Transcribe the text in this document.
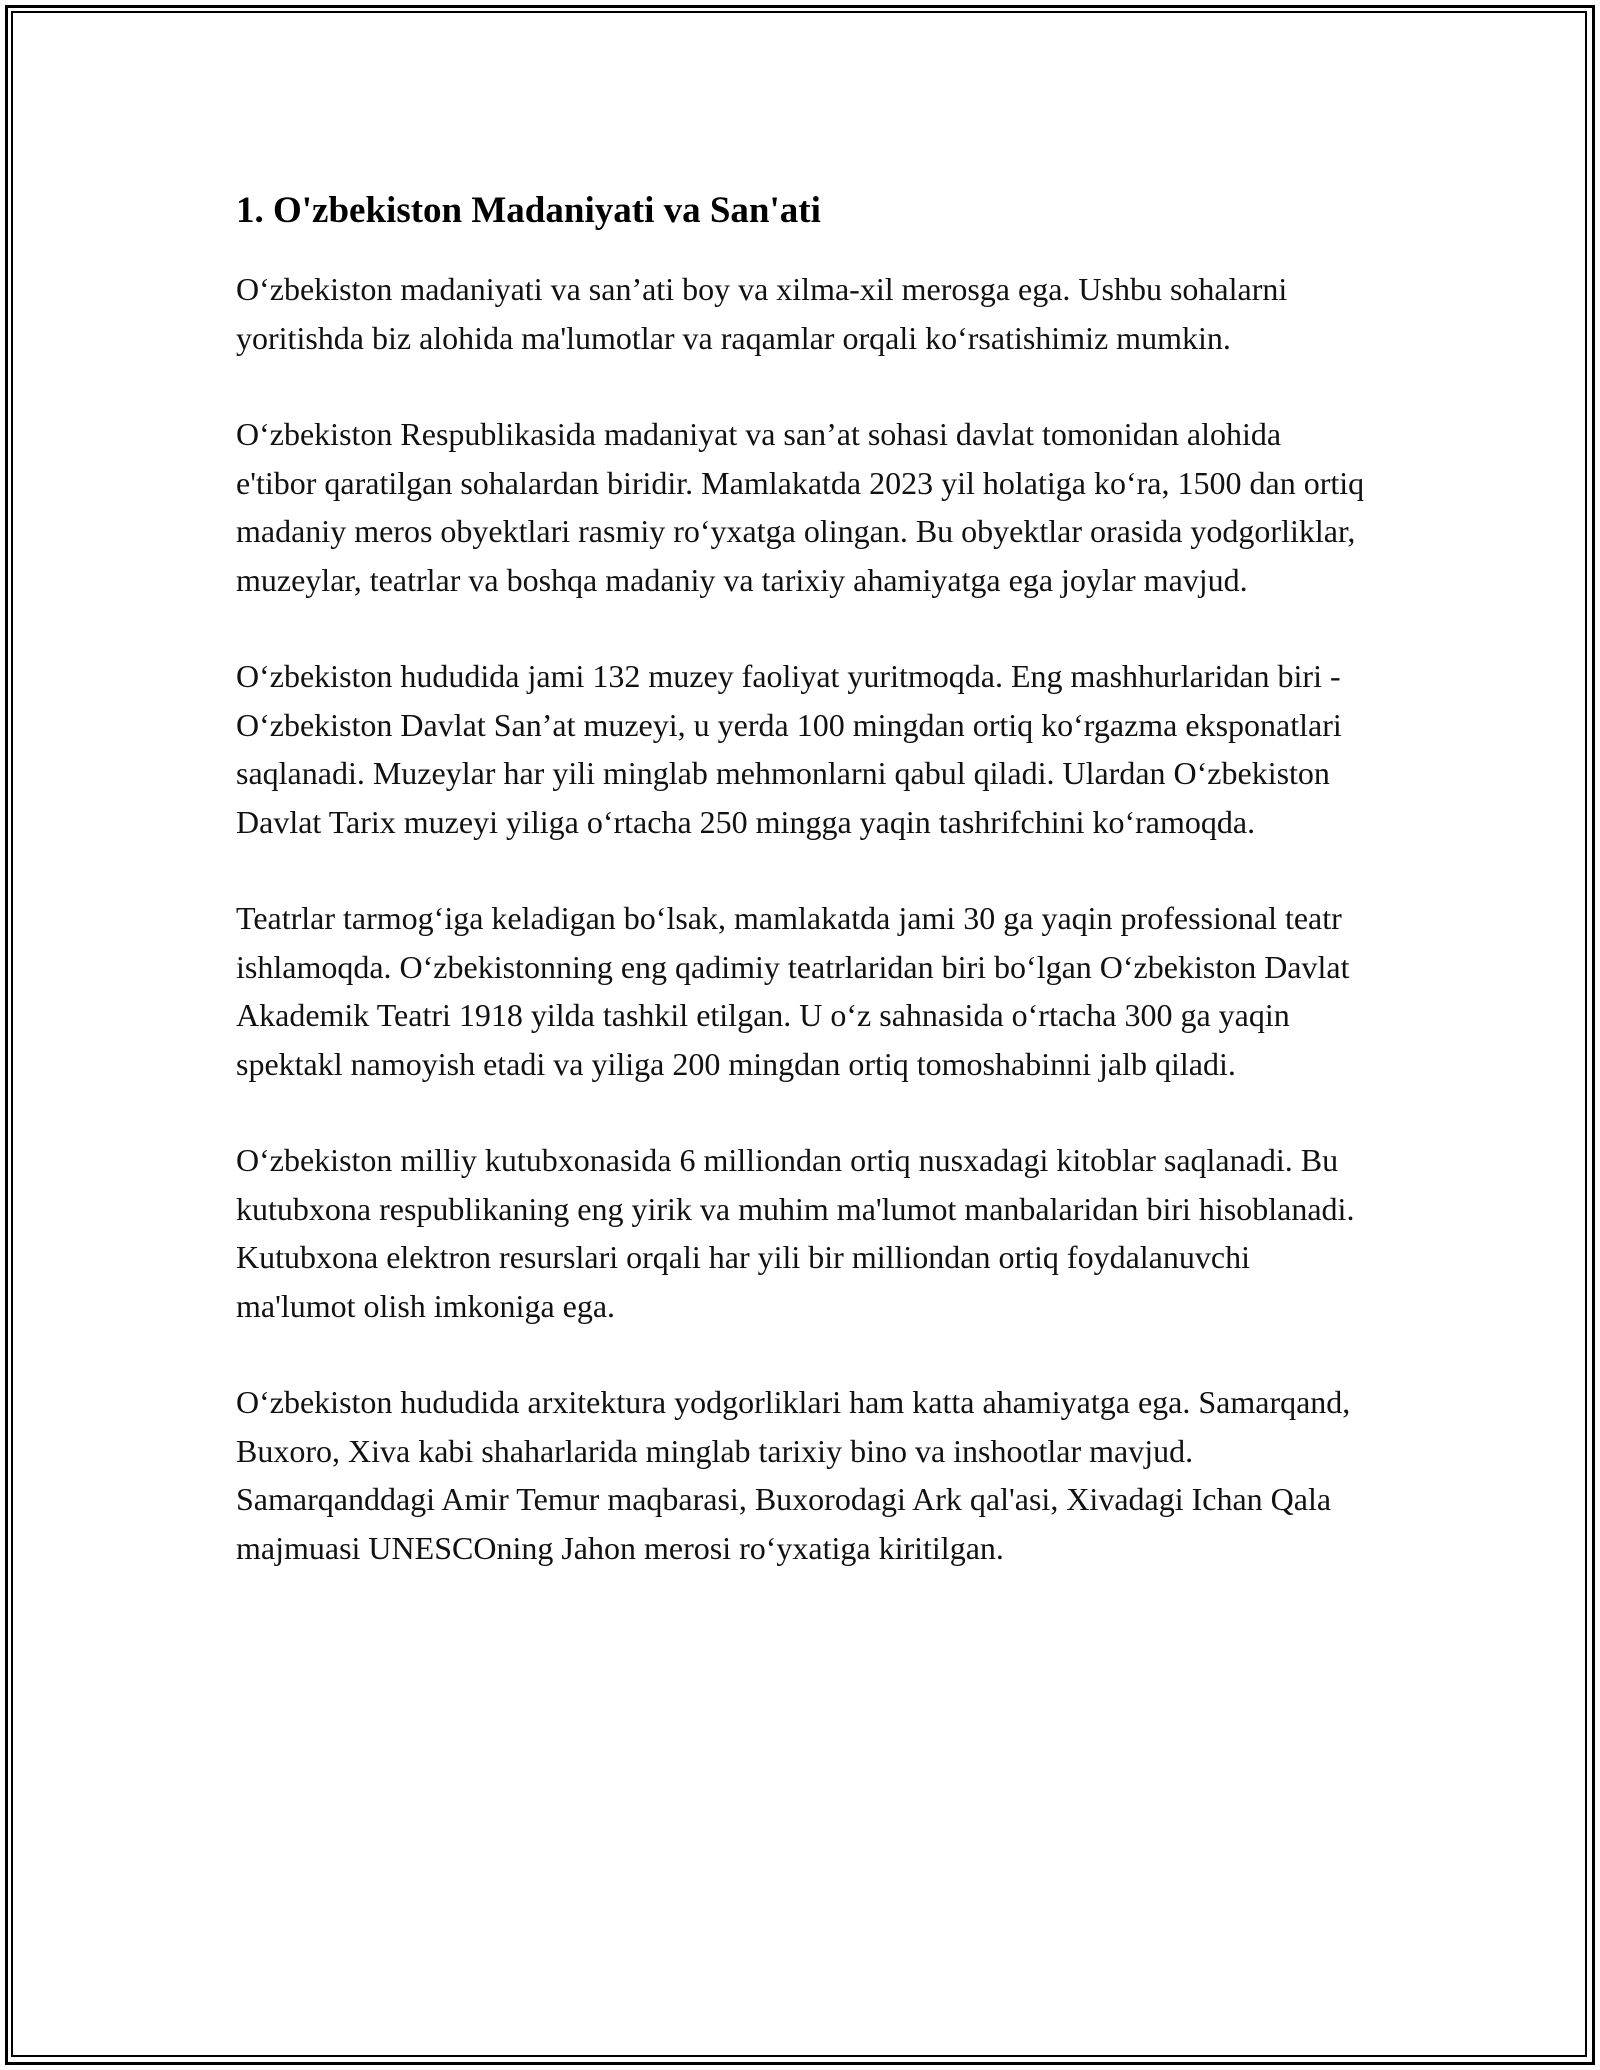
1. O'zbekiston Madaniyati va San'ati

O‘zbekiston madaniyati va san’ati boy va xilma-xil merosga ega. Ushbu sohalarni yoritishda biz alohida ma'lumotlar va raqamlar orqali ko‘rsatishimiz mumkin.

O‘zbekiston Respublikasida madaniyat va san’at sohasi davlat tomonidan alohida e'tibor qaratilgan sohalardan biridir. Mamlakatda 2023 yil holatiga ko‘ra, 1500 dan ortiq madaniy meros obyektlari rasmiy ro‘yxatga olingan. Bu obyektlar orasida yodgorliklar, muzeylar, teatrlar va boshqa madaniy va tarixiy ahamiyatga ega joylar mavjud.

O‘zbekiston hududida jami 132 muzey faoliyat yuritmoqda. Eng mashhurlaridan biri - O‘zbekiston Davlat San’at muzeyi, u yerda 100 mingdan ortiq ko‘rgazma eksponatlari saqlanadi. Muzeylar har yili minglab mehmonlarni qabul qiladi. Ulardan O‘zbekiston Davlat Tarix muzeyi yiliga o‘rtacha 250 mingga yaqin tashrifchini ko‘ramoqda.

Teatrlar tarmog‘iga keladigan bo‘lsak, mamlakatda jami 30 ga yaqin professional teatr ishlamoqda. O‘zbekistonning eng qadimiy teatrlaridan biri bo‘lgan O‘zbekiston Davlat Akademik Teatri 1918 yilda tashkil etilgan. U o‘z sahnasida o‘rtacha 300 ga yaqin spektakl namoyish etadi va yiliga 200 mingdan ortiq tomoshabinni jalb qiladi.

O‘zbekiston milliy kutubxonasida 6 milliondan ortiq nusxadagi kitoblar saqlanadi. Bu kutubxona respublikaning eng yirik va muhim ma'lumot manbalaridan biri hisoblanadi. Kutubxona elektron resurslari orqali har yili bir milliondan ortiq foydalanuvchi ma'lumot olish imkoniga ega.

O‘zbekiston hududida arxitektura yodgorliklari ham katta ahamiyatga ega. Samarqand, Buxoro, Xiva kabi shaharlarida minglab tarixiy bino va inshootlar mavjud. Samarqanddagi Amir Temur maqbarasi, Buxorodagi Ark qal'asi, Xivadagi Ichan Qala majmuasi UNESCOning Jahon merosi ro‘yxatiga kiritilgan.
